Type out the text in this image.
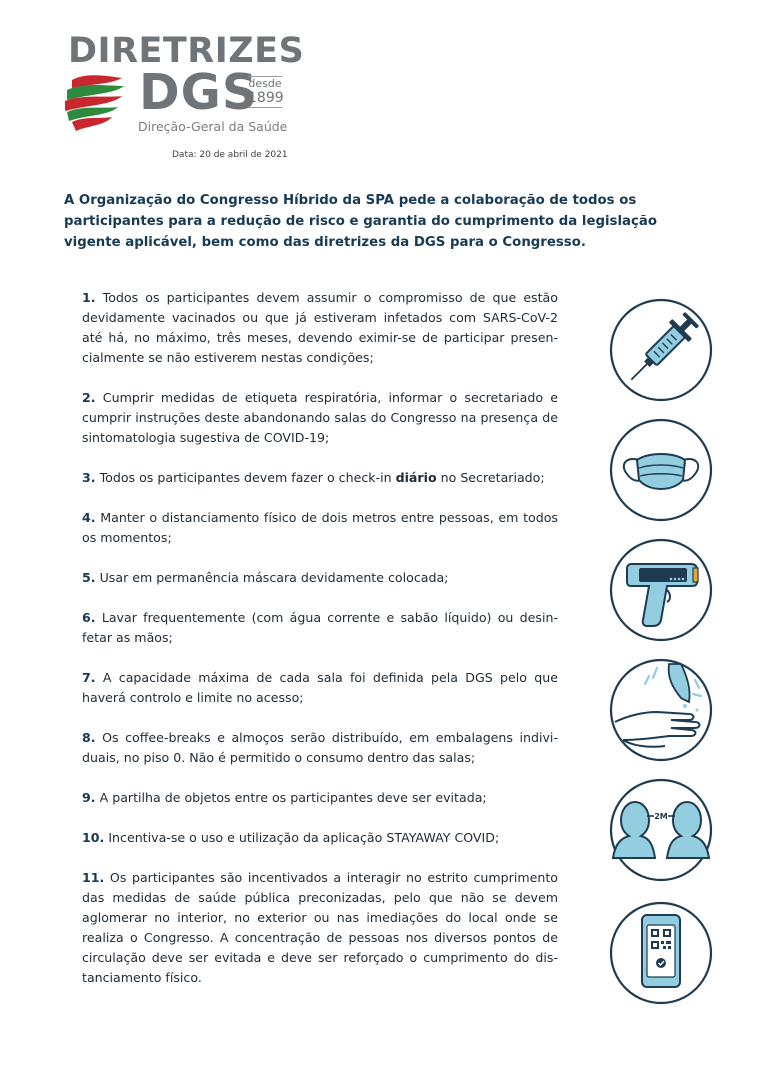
DIRETRIZES
DGS
desde
1899
Direção-Geral da Saúde
Data: 20 de abril de 2021

A Organização do Congresso Híbrido da SPA pede a colaboração de todos os participantes para a redução de risco e garantia do cumprimento da legislação vigente aplicável, bem como das diretrizes da DGS para o Congresso.

1. Todos os participantes devem assumir o compromisso de que estão devidamente vacinados ou que já estiveram infetados com SARS-CoV-2 até há, no máximo, três meses, devendo eximir-se de participar presencialmente se não estiverem nestas condições;
2. Cumprir medidas de etiqueta respiratória, informar o secretariado e cumprir instruções deste abandonando salas do Congresso na presença de sintomatologia sugestiva de COVID-19;
3. Todos os participantes devem fazer o check-in diário no Secretariado;
4. Manter o distanciamento físico de dois metros entre pessoas, em todos os momentos;
5. Usar em permanência máscara devidamente colocada;
6. Lavar frequentemente (com água corrente e sabão líquido) ou desinfetar as mãos;
7. A capacidade máxima de cada sala foi definida pela DGS pelo que haverá controlo e limite no acesso;
8. Os coffee-breaks e almoços serão distribuído, em embalagens individuais, no piso 0. Não é permitido o consumo dentro das salas;
9. A partilha de objetos entre os participantes deve ser evitada;
10. Incentiva-se o uso e utilização da aplicação STAYAWAY COVID;
11. Os participantes são incentivados a interagir no estrito cumprimento das medidas de saúde pública preconizadas, pelo que não se devem aglomerar no interior, no exterior ou nas imediações do local onde se realiza o Congresso. A concentração de pessoas nos diversos pontos de circulação deve ser evitada e deve ser reforçado o cumprimento do distanciamento físico.
2M
